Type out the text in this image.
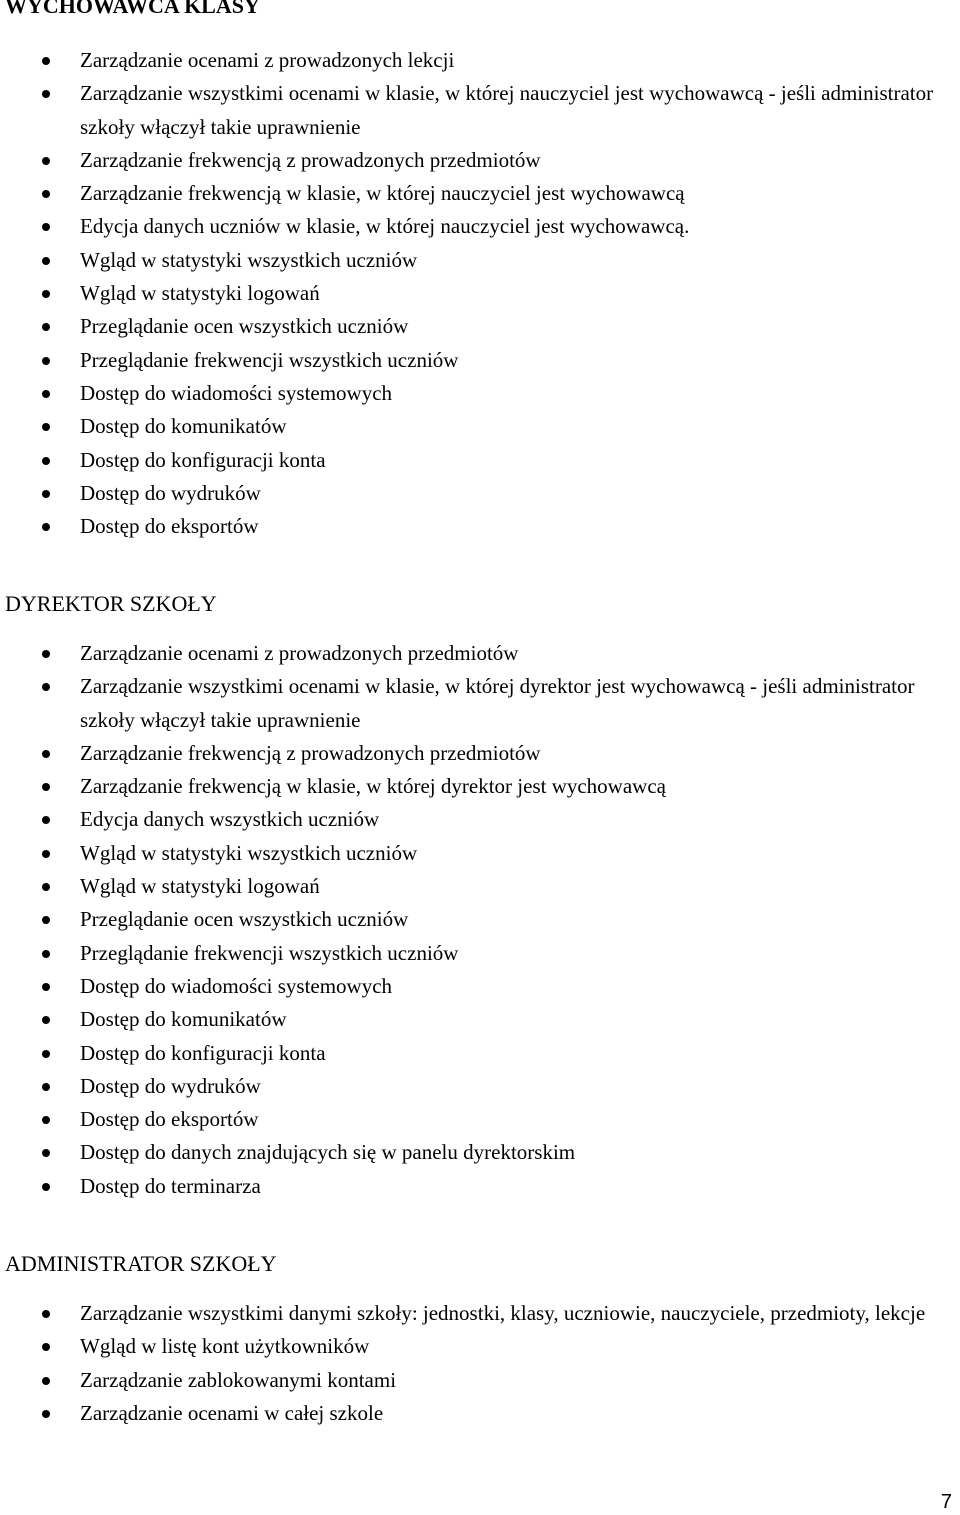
WYCHOWAWCA KLASY
Zarządzanie ocenami z prowadzonych lekcji
Zarządzanie wszystkimi ocenami w klasie, w której nauczyciel jest wychowawcą - jeśli administrator szkoły włączył takie uprawnienie
Zarządzanie frekwencją z prowadzonych przedmiotów
Zarządzanie frekwencją w klasie, w której nauczyciel jest wychowawcą
Edycja danych uczniów w klasie, w której nauczyciel jest wychowawcą.
Wgląd w statystyki wszystkich uczniów
Wgląd w statystyki logowań
Przeglądanie ocen wszystkich uczniów
Przeglądanie frekwencji wszystkich uczniów
Dostęp do wiadomości systemowych
Dostęp do komunikatów
Dostęp do konfiguracji konta
Dostęp do wydruków
Dostęp do eksportów
DYREKTOR SZKOŁY
Zarządzanie ocenami z prowadzonych przedmiotów
Zarządzanie wszystkimi ocenami w klasie, w której dyrektor jest wychowawcą - jeśli administrator szkoły włączył takie uprawnienie
Zarządzanie frekwencją z prowadzonych przedmiotów
Zarządzanie frekwencją w klasie, w której dyrektor jest wychowawcą
Edycja danych wszystkich uczniów
Wgląd w statystyki wszystkich uczniów
Wgląd w statystyki logowań
Przeglądanie ocen wszystkich uczniów
Przeglądanie frekwencji wszystkich uczniów
Dostęp do wiadomości systemowych
Dostęp do komunikatów
Dostęp do konfiguracji konta
Dostęp do wydruków
Dostęp do eksportów
Dostęp do danych znajdujących się w panelu dyrektorskim
Dostęp do terminarza
ADMINISTRATOR SZKOŁY
Zarządzanie wszystkimi danymi szkoły: jednostki, klasy, uczniowie, nauczyciele, przedmioty, lekcje
Wgląd w listę kont użytkowników
Zarządzanie zablokowanymi kontami
Zarządzanie ocenami w całej szkole
7
